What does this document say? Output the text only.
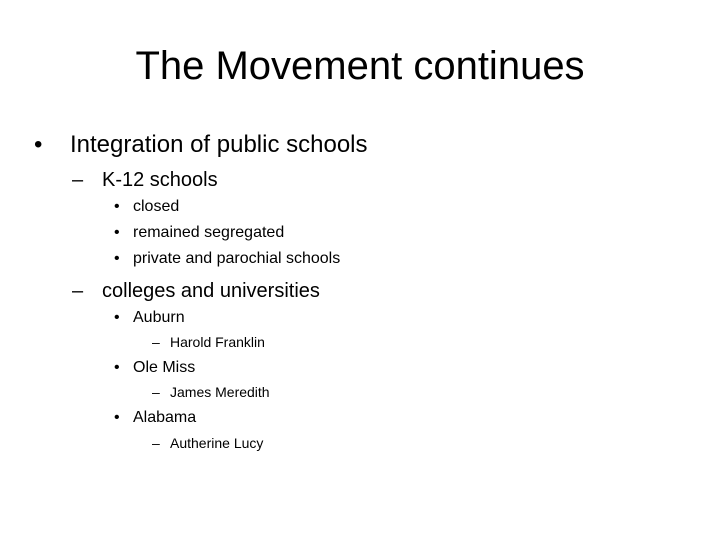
The Movement continues
• Integration of public schools
– K-12 schools
• closed
• remained segregated
• private and parochial schools
– colleges and universities
• Auburn
– Harold Franklin
• Ole Miss
– James Meredith
• Alabama
– Autherine Lucy
